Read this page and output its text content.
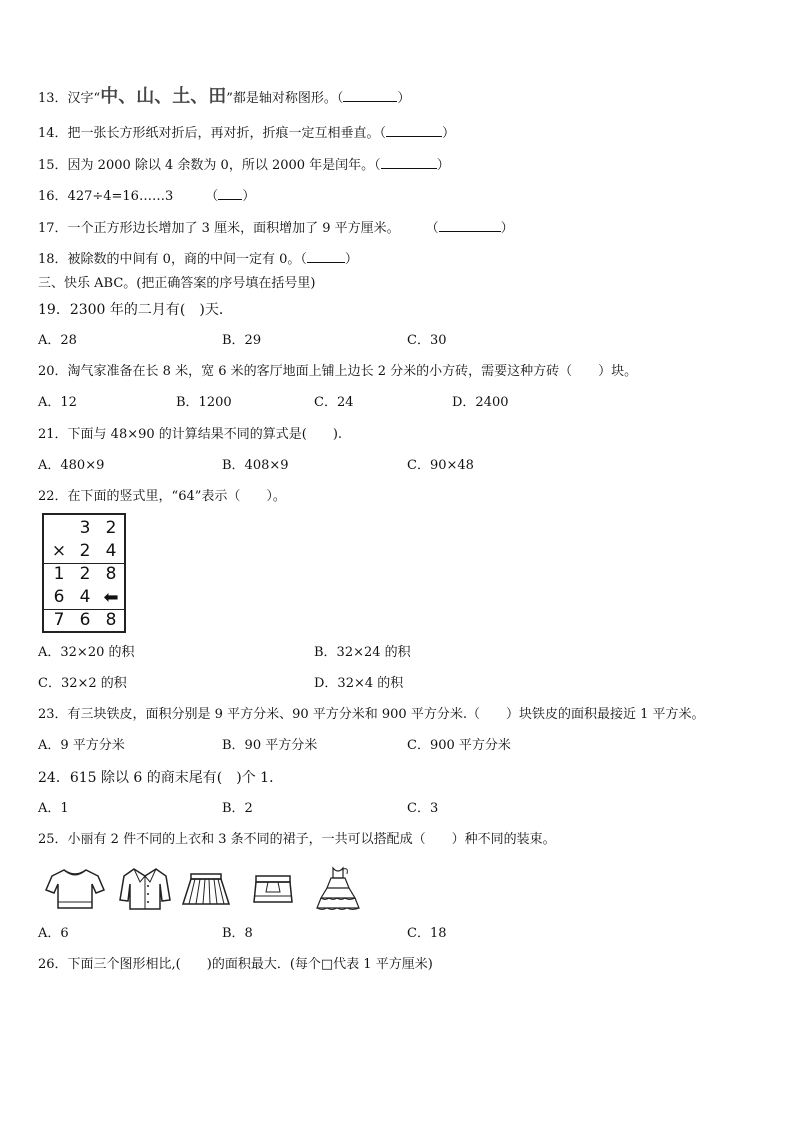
13．汉字“中、山、土、田”都是轴对称图形。（	）
14．把一张长方形纸对折后，再对折，折痕一定互相垂直。（	）
15．因为 2000 除以 4 余数为 0，所以 2000 年是闰年。（	）
16．427÷4=16……3 （ ）
17．一个正方形边长增加了 3 厘米，面积增加了 9 平方厘米。 （	）
18．被除数的中间有 0，商的中间一定有 0。（	）
三、快乐 ABC。(把正确答案的序号填在括号里)
19．2300 年的二月有(　)天．
A．28	B．29	C．30
20．淘气家准备在长 8 米，宽 6 米的客厅地面上铺上边长 2 分米的小方砖，需要这种方砖（　　）块。
A．12	B．1200	C．24	D．2400
21．下面与 48×90 的计算结果不同的算式是(　　).
A．480×9	B．408×9	C．90×48
22．在下面的竖式里，“64”表示（　　）。
3 2
× 2 4
1 2 8
6 4 ⬅
7 6 8
A．32×20 的积	B．32×24 的积
C．32×2 的积	D．32×4 的积
23．有三块铁皮，面积分别是 9 平方分米、90 平方分米和 900 平方分米.（　　）块铁皮的面积最接近 1 平方米。
A．9 平方分米	B．90 平方分米	C．900 平方分米
24．615 除以 6 的商末尾有(　)个 1．
A．1	B．2	C．3
25．小丽有 2 件不同的上衣和 3 条不同的裙子，一共可以搭配成（　　）种不同的装束。
A．6	B．8	C．18
26．下面三个图形相比,(　　)的面积最大．(每个□代表 1 平方厘米)
